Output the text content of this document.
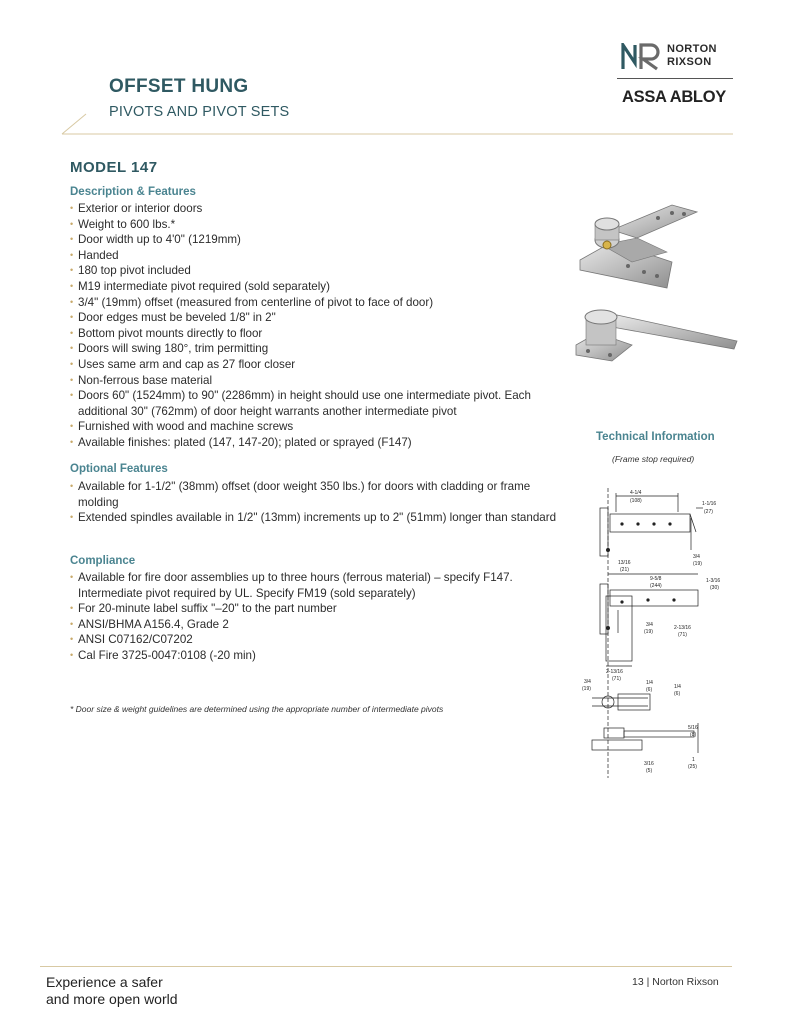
NORTON
RIXSON
ASSA ABLOY
OFFSET HUNG
PIVOTS AND PIVOT SETS
MODEL 147
Description & Features
• Exterior or interior doors
• Weight to 600 lbs.*
• Door width up to 4'0" (1219mm)
• Handed
• 180 top pivot included
• M19 intermediate pivot required (sold separately)
• 3/4" (19mm) offset (measured from centerline of pivot to face of door)
• Door edges must be beveled 1/8" in 2"
• Bottom pivot mounts directly to floor
• Doors will swing 180°, trim permitting
• Uses same arm and cap as 27 floor closer
• Non-ferrous base material
• Doors 60" (1524mm) to 90" (2286mm) in height should use one intermediate pivot. Each additional 30" (762mm) of door height warrants another intermediate pivot
• Furnished with wood and machine screws
• Available finishes: plated (147, 147-20); plated or sprayed (F147)
Optional Features
• Available for 1-1/2" (38mm) offset (door weight 350 lbs.) for doors with cladding or frame molding
• Extended spindles available in 1/2" (13mm) increments up to 2" (51mm) longer than standard
Compliance
• Available for fire door assemblies up to three hours (ferrous material) – specify F147. Intermediate pivot required by UL. Specify FM19 (sold separately)
• For 20-minute label suffix "–20" to the part number
• ANSI/BHMA A156.4, Grade 2
• ANSI C07162/C07202
• Cal Fire 3725-0047:0108 (-20 min)
* Door size & weight guidelines are determined using the appropriate number of intermediate pivots
Technical Information
(Frame stop required)
4-1/4
(108)	1-1/16
(27)
3/4
(19)
13/16
(21)
9-5/8
(244)
1-3/16
(30)
3/4
(19)
2-13/16
(71)
2-13/16
(71)
3/4
(19)
1/4
(6)	1/4
(6)
5/16
(8)
3/16
(5)
1
(25)
Experience a safer
and more open world
13 | Norton Rixson
